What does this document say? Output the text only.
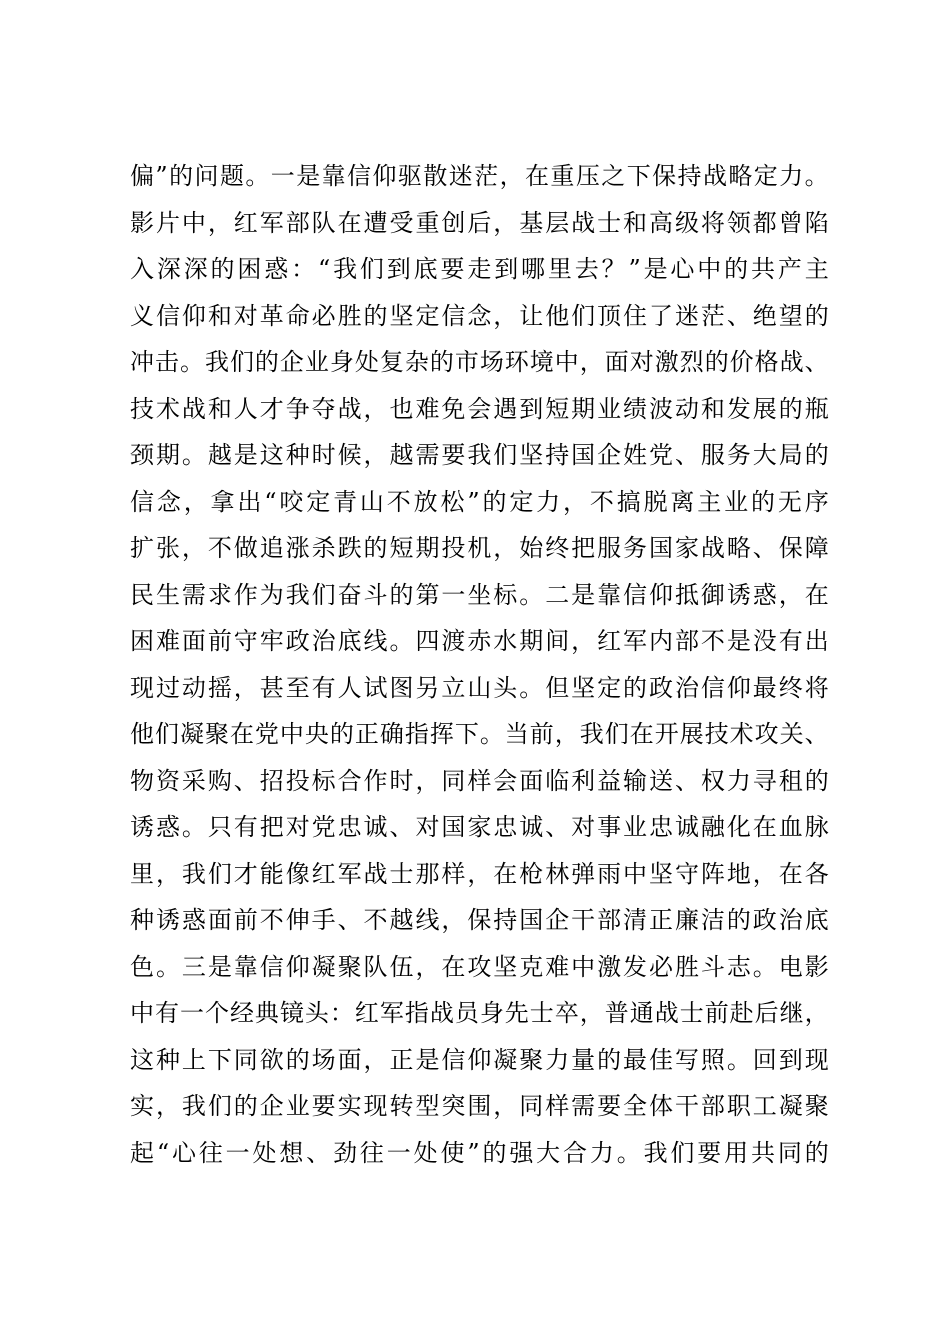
偏”的问题。一是靠信仰驱散迷茫，在重压之下保持战略定力。
影片中，红军部队在遭受重创后，基层战士和高级将领都曾陷
入深深的困惑：“我们到底要走到哪里去？”是心中的共产主
义信仰和对革命必胜的坚定信念，让他们顶住了迷茫、绝望的
冲击。我们的企业身处复杂的市场环境中，面对激烈的价格战、
技术战和人才争夺战，也难免会遇到短期业绩波动和发展的瓶
颈期。越是这种时候，越需要我们坚持国企姓党、服务大局的
信念，拿出“咬定青山不放松”的定力，不搞脱离主业的无序
扩张，不做追涨杀跌的短期投机，始终把服务国家战略、保障
民生需求作为我们奋斗的第一坐标。二是靠信仰抵御诱惑，在
困难面前守牢政治底线。四渡赤水期间，红军内部不是没有出
现过动摇，甚至有人试图另立山头。但坚定的政治信仰最终将
他们凝聚在党中央的正确指挥下。当前，我们在开展技术攻关、
物资采购、招投标合作时，同样会面临利益输送、权力寻租的
诱惑。只有把对党忠诚、对国家忠诚、对事业忠诚融化在血脉
里，我们才能像红军战士那样，在枪林弹雨中坚守阵地，在各
种诱惑面前不伸手、不越线，保持国企干部清正廉洁的政治底
色。三是靠信仰凝聚队伍，在攻坚克难中激发必胜斗志。电影
中有一个经典镜头：红军指战员身先士卒，普通战士前赴后继，
这种上下同欲的场面，正是信仰凝聚力量的最佳写照。回到现
实，我们的企业要实现转型突围，同样需要全体干部职工凝聚
起“心往一处想、劲往一处使”的强大合力。我们要用共同的
